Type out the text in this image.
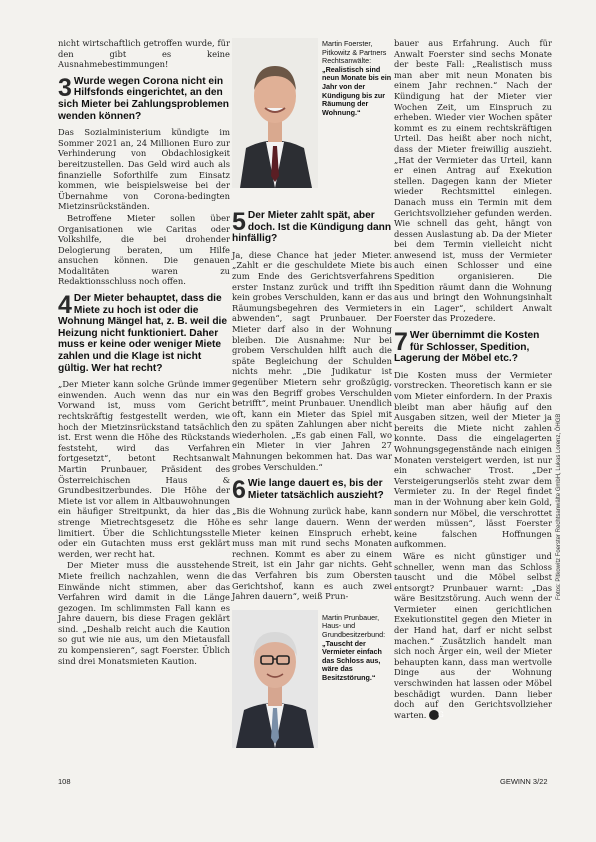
nicht wirtschaftlich getroffen wurde, für den gibt es keine Ausnahmebestimmungen!

3 Wurde wegen Corona nicht ein Hilfsfonds eingerichtet, an den sich Mieter bei Zahlungsproblemen wenden können?

Das Sozialministerium kündigte im Sommer 2021 an, 24 Millionen Euro zur Verhinderung von Obdachlosigkeit bereitzustellen. Das Geld wird auch als finanzielle Soforthilfe zum Einsatz kommen, wie beispielsweise bei der Übernahme von Corona-bedingten Mietzinsrückständen.

Betroffene Mieter sollen über Organisationen wie Caritas oder Volkshilfe, die bei drohender Delogierung beraten, um Hilfe ansuchen können. Die genauen Modalitäten waren zu Redaktionsschluss noch offen.

4 Der Mieter behauptet, dass die Miete zu hoch ist oder die Wohnung Mängel hat, z. B. weil die Heizung nicht funktioniert. Daher muss er keine oder weniger Miete zahlen und die Klage ist nicht gültig. Wer hat recht?

„Der Mieter kann solche Gründe immer einwenden. Auch wenn das nur ein Vorwand ist, muss vom Gericht rechtskräftig festgestellt werden, wie hoch der Mietzinsrückstand tatsächlich ist. Erst wenn die Höhe des Rückstands feststeht, wird das Verfahren fortgesetzt“, betont Rechtsanwalt Martin Prunbauer, Präsident des Österreichischen Haus & Grundbesitzerbundes. Die Höhe der Miete ist vor allem in Altbauwohnungen ein häufiger Streitpunkt, da hier das strenge Mietrechtsgesetz die Höhe limitiert. Über die Schlichtungsstelle oder ein Gutachten muss erst geklärt werden, wer recht hat.

Der Mieter muss die ausstehende Miete freilich nachzahlen, wenn die Einwände nicht stimmen, aber das Verfahren wird damit in die Länge gezogen. Im schlimmsten Fall kann es Jahre dauern, bis diese Fragen geklärt sind. „Deshalb reicht auch die Kaution so gut wie nie aus, um den Mietausfall zu kompensieren“, sagt Foerster. Üblich sind drei Monatsmieten Kaution.

Martin Foerster, Pitkowitz & Partners Rechtsanwälte:
„Realistisch sind neun Monate bis ein Jahr von der Kündigung bis zur Räumung der Wohnung.“
5 Der Mieter zahlt spät, aber doch. Ist die Kündigung dann hinfällig?

Ja, diese Chance hat jeder Mieter. „Zahlt er die geschuldete Miete bis zum Ende des Gerichtsverfahrens erster Instanz zurück und trifft ihn kein grobes Verschulden, kann er das Räumungsbegehren des Vermieters abwenden“, sagt Prunbauer. Der Mieter darf also in der Wohnung bleiben. Die Ausnahme: Nur bei grobem Verschulden hilft auch die späte Begleichung der Schulden nichts mehr. „Die Judikatur ist gegenüber Mietern sehr großzügig, was den Begriff grobes Verschulden betrifft“, meint Prunbauer. Unendlich oft, kann ein Mieter das Spiel mit den zu späten Zahlungen aber nicht wiederholen. „Es gab einen Fall, wo ein Mieter in vier Jahren 27 Mahnungen bekommen hat. Das war grobes Verschulden.“

6 Wie lange dauert es, bis der Mieter tatsächlich auszieht?

„Bis die Wohnung zurück habe, kann es sehr lange dauern. Wenn der Mieter keinen Einspruch erhebt, muss man mit rund sechs Monaten rechnen. Kommt es aber zu einem Streit, ist ein Jahr gar nichts. Geht das Verfahren bis zum Obersten Gerichtshof, kann es auch zwei Jahren dauern“, weiß Prun-

Martin Prunbauer, Haus- und Grundbesitzerbund:
„Tauscht der Vermieter einfach das Schloss aus, wäre das Besitzstörung.“

bauer aus Erfahrung. Auch für Anwalt Foerster sind sechs Monate der beste Fall: „Realistisch muss man aber mit neun Monaten bis einem Jahr rechnen.“ Nach der Kündigung hat der Mieter vier Wochen Zeit, um Einspruch zu erheben. Wieder vier Wochen später kommt es zu einem rechtskräftigen Urteil. Das heißt aber noch nicht, dass der Mieter freiwillig auszieht. „Hat der Vermieter das Urteil, kann er einen Antrag auf Exekution stellen. Dagegen kann der Mieter wieder Rechtsmittel einlegen. Danach muss ein Termin mit dem Gerichtsvollzieher gefunden werden. Wie schnell das geht, hängt von dessen Auslastung ab. Da der Mieter bei dem Termin vielleicht nicht anwesend ist, muss der Vermieter auch einen Schlosser und eine Spedition organisieren. Die Spedition räumt dann die Wohnung aus und bringt den Wohnungsinhalt in ein Lager“, schildert Anwalt Foerster das Prozedere.

7 Wer übernimmt die Kosten für Schlosser, Spedition, Lagerung der Möbel etc.?

Die Kosten muss der Vermieter vorstrecken. Theoretisch kann er sie vom Mieter einfordern. In der Praxis bleibt man aber häufig auf den Ausgaben sitzen, weil der Mieter ja bereits die Miete nicht zahlen konnte. Dass die eingelagerten Wohnungsgegenstände nach einigen Monaten versteigert werden, ist nur ein schwacher Trost. „Der Versteigerungserlös steht zwar dem Vermieter zu. In der Regel findet man in der Wohnung aber kein Gold, sondern nur Möbel, die verschrottet werden müssen“, lässt Foerster keine falschen Hoffnungen aufkommen.

Wäre es nicht günstiger und schneller, wenn man das Schloss tauscht und die Möbel selbst entsorgt? Prunbauer warnt: „Das wäre Besitzstörung. Auch wenn der Vermieter einen gerichtlichen Exekutionstitel gegen den Mieter in der Hand hat, darf er nicht selbst machen.“ Zusätzlich handelt man sich noch Ärger ein, weil der Mieter behaupten kann, dass man wertvolle Dinge aus der Wohnung verschwinden hat lassen oder Möbel beschädigt wurden. Dann lieber doch auf den Gerichtsvollzieher warten. G

Fotos: Pitkowitz Foerster Rechtsanwälte GmbH, Lukas Lorenz, ÖHGB
108	GEWINN 3/22
